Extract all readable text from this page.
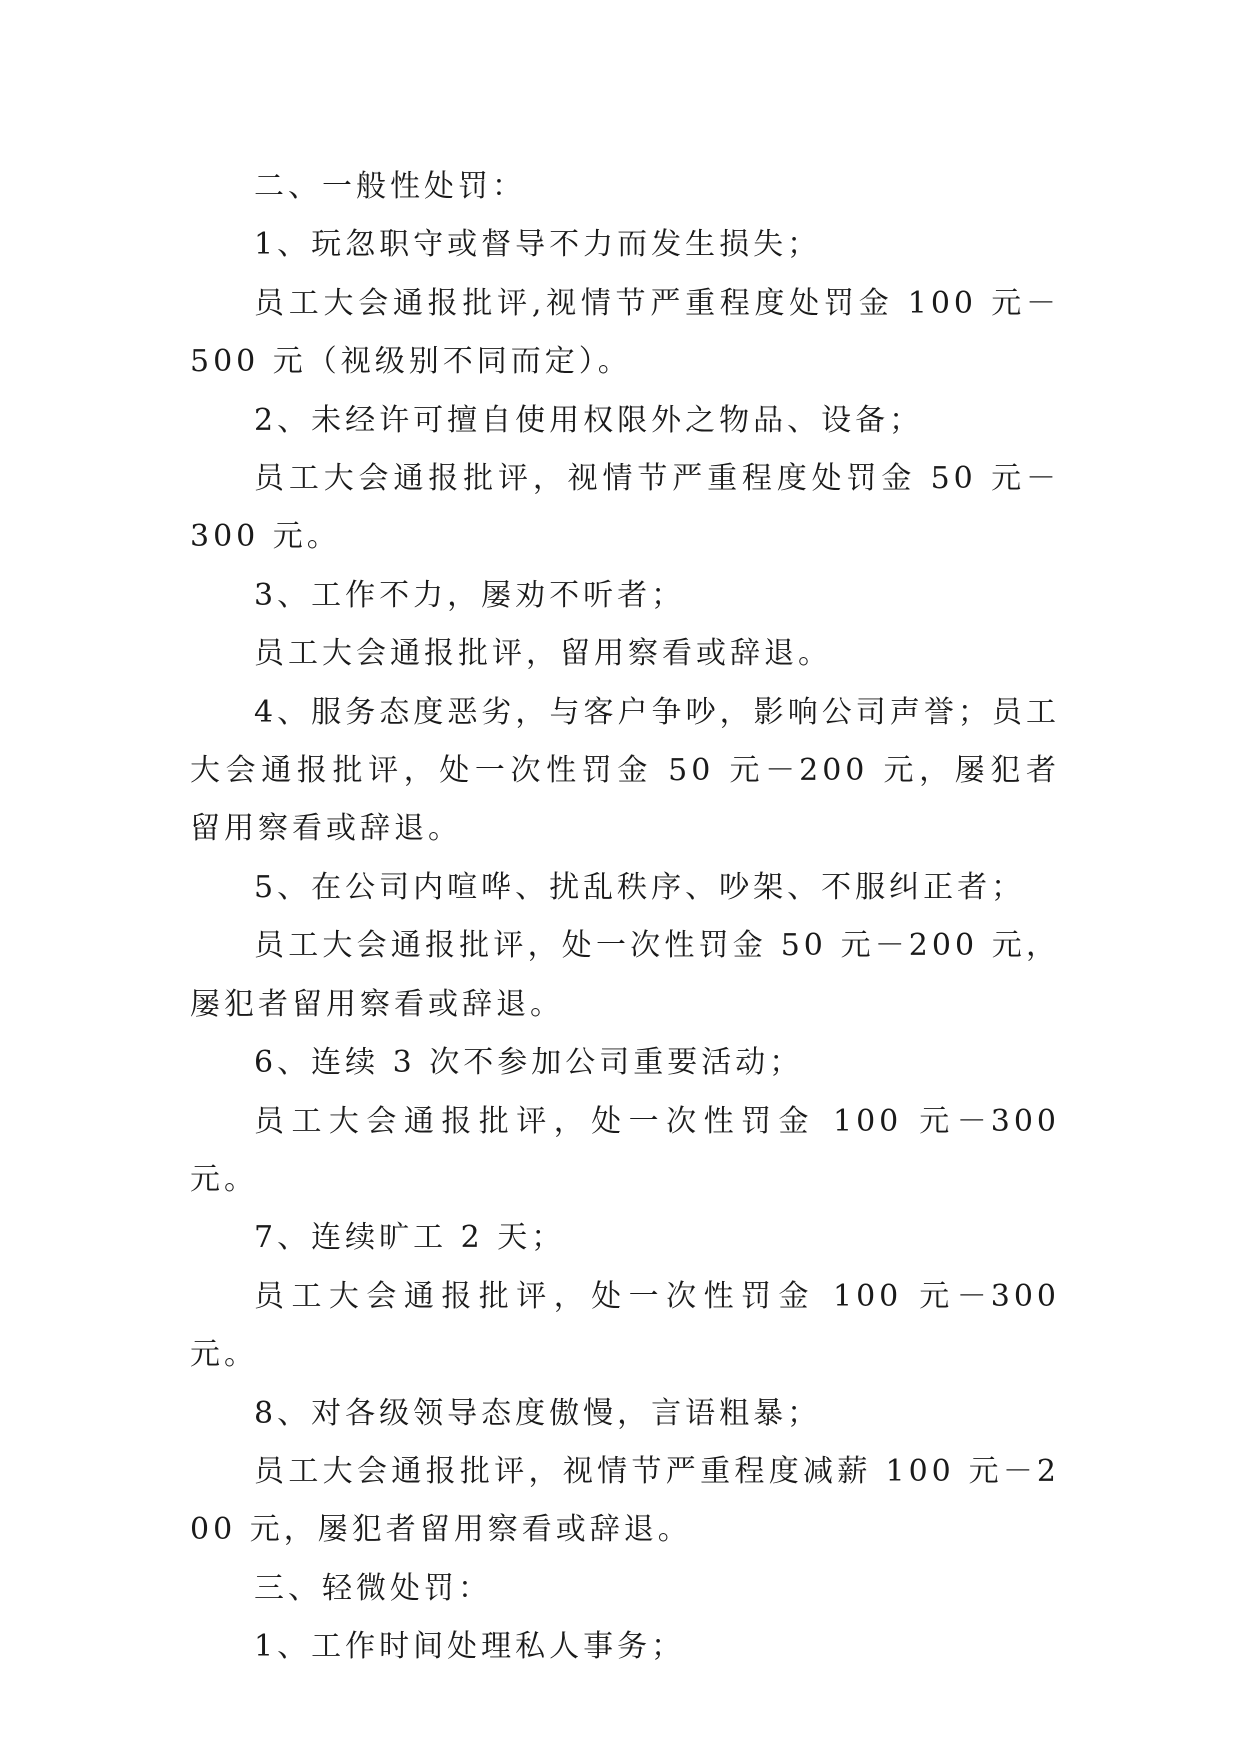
二、一般性处罚：

1、玩忽职守或督导不力而发生损失；

员工大会通报批评,视情节严重程度处罚金 100 元－500 元（视级别不同而定）。

2、未经许可擅自使用权限外之物品、设备；

员工大会通报批评，视情节严重程度处罚金 50 元－300 元。

3、工作不力，屡劝不听者；

员工大会通报批评，留用察看或辞退。

4、服务态度恶劣，与客户争吵，影响公司声誉；员工大会通报批评，处一次性罚金 50 元－200 元，屡犯者留用察看或辞退。

5、在公司内喧哗、扰乱秩序、吵架、不服纠正者；

员工大会通报批评，处一次性罚金 50 元－200 元，屡犯者留用察看或辞退。

6、连续 3 次不参加公司重要活动；

员工大会通报批评，处一次性罚金 100 元－300 元。

7、连续旷工 2 天；

员工大会通报批评，处一次性罚金 100 元－300 元。

8、对各级领导态度傲慢，言语粗暴；

员工大会通报批评，视情节严重程度减薪 100 元－200 元，屡犯者留用察看或辞退。

三、轻微处罚：

1、工作时间处理私人事务；
